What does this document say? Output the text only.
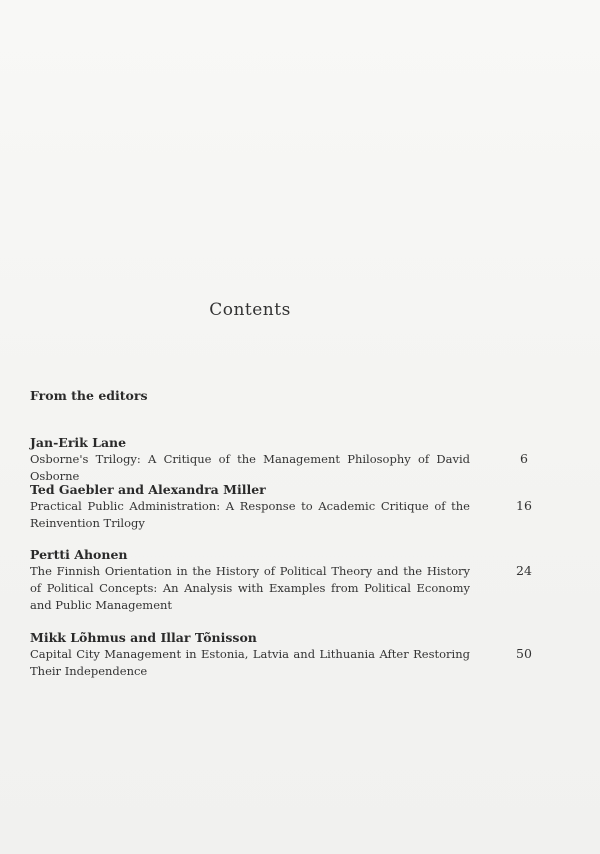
Contents
From the editors
Jan-Erik Lane
Osborne's Trilogy: A Critique of the Management Philosophy of David Osborne
6
Ted Gaebler and Alexandra Miller
Practical Public Administration: A Response to Academic Critique of the Reinvention Trilogy
16
Pertti Ahonen
The Finnish Orientation in the History of Political Theory and the History of Political Concepts: An Analysis with Examples from Political Economy and Public Management
24
Mikk Lõhmus and Illar Tõnisson
Capital City Management in Estonia, Latvia and Lithuania After Restoring Their Independence
50
